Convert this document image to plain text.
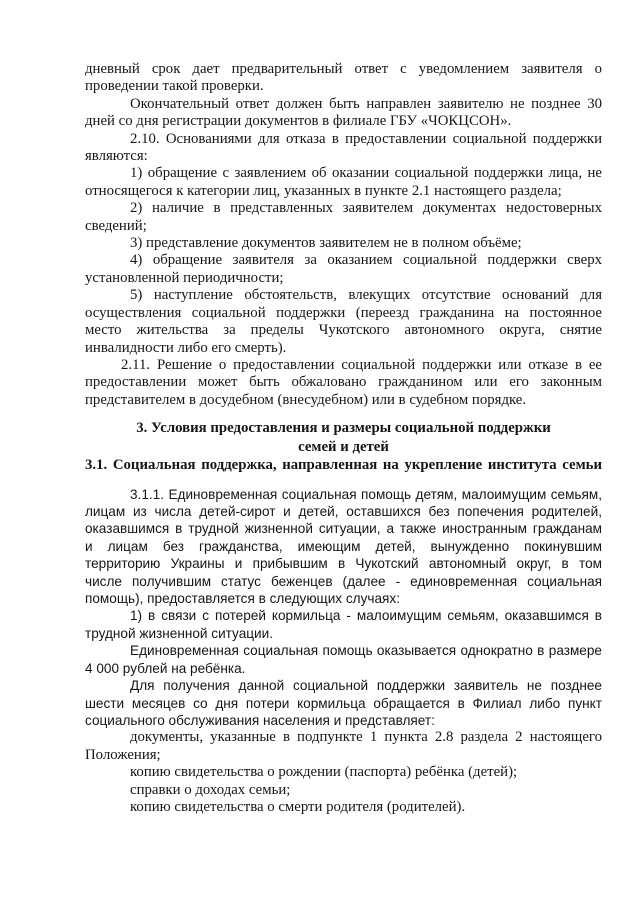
дневный срок дает предварительный ответ с уведомлением заявителя о
проведении такой проверки.
Окончательный ответ должен быть направлен заявителю не позднее 30
дней со дня регистрации документов в филиале ГБУ «ЧОКЦСОН».
2.10. Основаниями для отказа в предоставлении социальной поддержки
являются:
1) обращение с заявлением об оказании социальной поддержки лица, не
относящегося к категории лиц, указанных в пункте 2.1 настоящего раздела;
2) наличие в представленных заявителем документах недостоверных
сведений;
3) представление документов заявителем не в полном объёме;
4) обращение заявителя за оказанием социальной поддержки сверх
установленной периодичности;
5) наступление обстоятельств, влекущих отсутствие оснований для
осуществления социальной поддержки (переезд гражданина на постоянное
место жительства за пределы Чукотского автономного округа, снятие
инвалидности либо его смерть).
2.11. Решение о предоставлении социальной поддержки или отказе в ее
предоставлении может быть обжаловано гражданином или его законным
представителем в досудебном (внесудебном) или в судебном порядке.
3. Условия предоставления и размеры социальной поддержки
семей и детей
3.1. Социальная поддержка, направленная на укрепление института семьи
3.1.1. Единовременная социальная помощь детям, малоимущим семьям,
лицам из числа детей-сирот и детей, оставшихся без попечения родителей,
оказавшимся в трудной жизненной ситуации, а также иностранным гражданам
и лицам без гражданства, имеющим детей, вынужденно покинувшим
территорию Украины и прибывшим в Чукотский автономный округ, в том
числе получившим статус беженцев (далее - единовременная социальная
помощь), предоставляется в следующих случаях:
1) в связи с потерей кормильца - малоимущим семьям, оказавшимся в
трудной жизненной ситуации.
Единовременная социальная помощь оказывается однократно в размере
4 000 рублей на ребёнка.
Для получения данной социальной поддержки заявитель не позднее
шести месяцев со дня потери кормильца обращается в Филиал либо пункт
социального обслуживания населения и представляет:
документы, указанные в подпункте 1 пункта 2.8 раздела 2 настоящего
Положения;
копию свидетельства о рождении (паспорта) ребёнка (детей);
справки о доходах семьи;
копию свидетельства о смерти родителя (родителей).
